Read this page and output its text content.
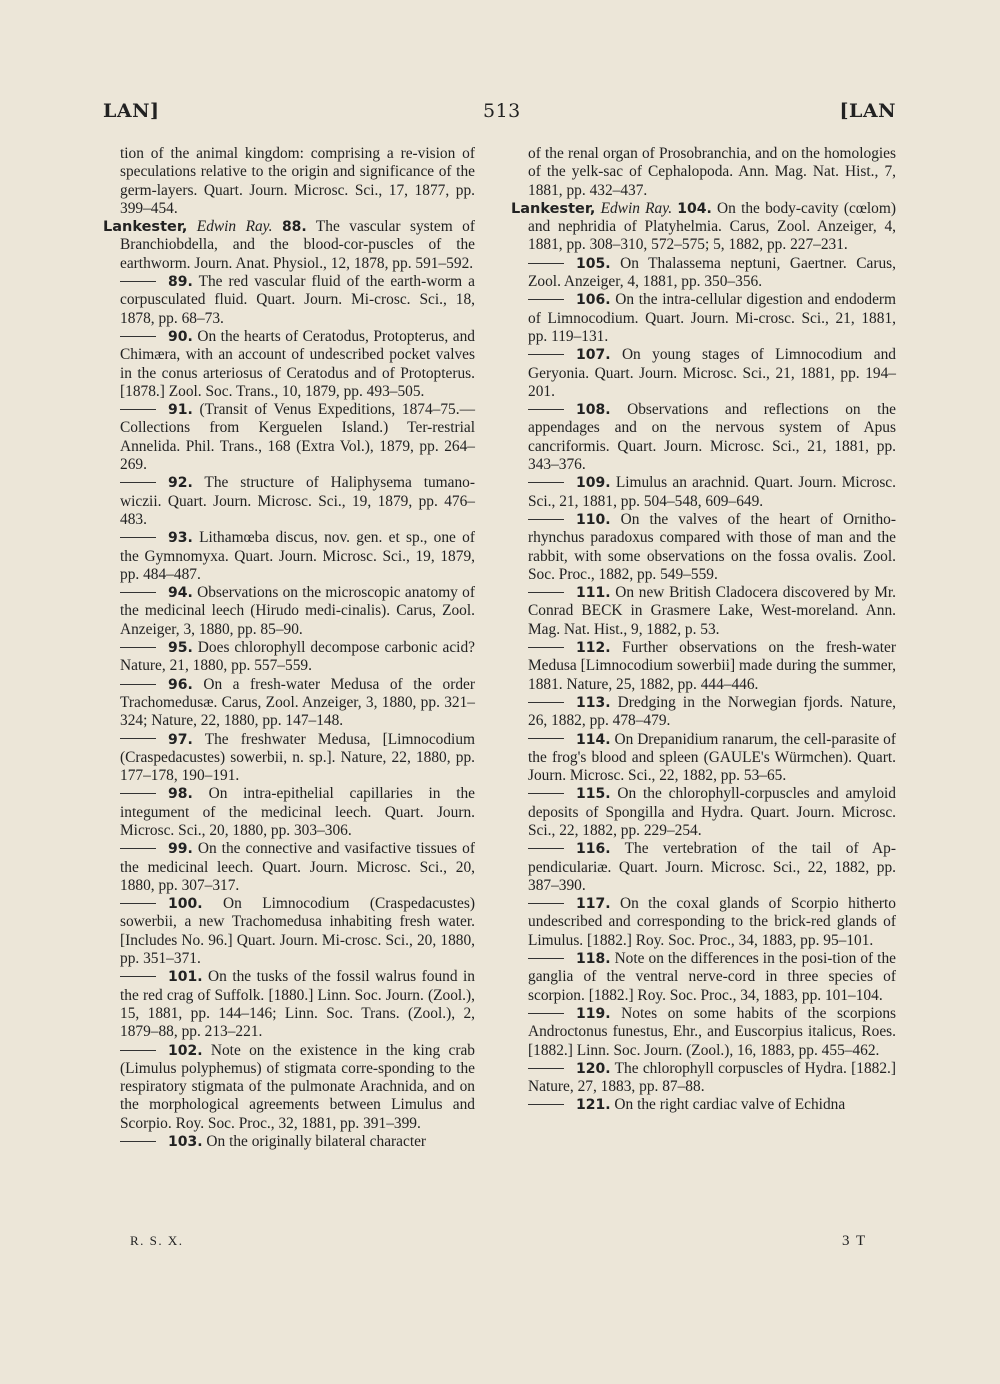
LAN]	513	[LAN

tion of the animal kingdom: comprising a re-vision of speculations relative to the origin and significance of the germ-layers. Quart. Journ. Microsc. Sci., 17, 1877, pp. 399–454.

Lankester, Edwin Ray. 88. The vascular system of Branchiobdella, and the blood-cor-puscles of the earthworm. Journ. Anat. Physiol., 12, 1878, pp. 591–592.

89. The red vascular fluid of the earth-worm a corpusculated fluid. Quart. Journ. Mi-crosc. Sci., 18, 1878, pp. 68–73.

90. On the hearts of Ceratodus, Protopterus, and Chimæra, with an account of undescribed pocket valves in the conus arteriosus of Ceratodus and of Protopterus. [1878.] Zool. Soc. Trans., 10, 1879, pp. 493–505.

91. (Transit of Venus Expeditions, 1874–75.—Collections from Kerguelen Island.) Ter-restrial Annelida. Phil. Trans., 168 (Extra Vol.), 1879, pp. 264–269.

92. The structure of Haliphysema tumano-wiczii. Quart. Journ. Microsc. Sci., 19, 1879, pp. 476–483.

93. Lithamœba discus, nov. gen. et sp., one of the Gymnomyxa. Quart. Journ. Microsc. Sci., 19, 1879, pp. 484–487.

94. Observations on the microscopic anatomy of the medicinal leech (Hirudo medi-cinalis). Carus, Zool. Anzeiger, 3, 1880, pp. 85–90.

95. Does chlorophyll decompose carbonic acid? Nature, 21, 1880, pp. 557–559.

96. On a fresh-water Medusa of the order Trachomedusæ. Carus, Zool. Anzeiger, 3, 1880, pp. 321–324; Nature, 22, 1880, pp. 147–148.

97. The freshwater Medusa, [Limnocodium (Craspedacustes) sowerbii, n. sp.]. Nature, 22, 1880, pp. 177–178, 190–191.

98. On intra-epithelial capillaries in the integument of the medicinal leech. Quart. Journ. Microsc. Sci., 20, 1880, pp. 303–306.

99. On the connective and vasifactive tissues of the medicinal leech. Quart. Journ. Microsc. Sci., 20, 1880, pp. 307–317.

100. On Limnocodium (Craspedacustes) sowerbii, a new Trachomedusa inhabiting fresh water. [Includes No. 96.] Quart. Journ. Mi-crosc. Sci., 20, 1880, pp. 351–371.

101. On the tusks of the fossil walrus found in the red crag of Suffolk. [1880.] Linn. Soc. Journ. (Zool.), 15, 1881, pp. 144–146; Linn. Soc. Trans. (Zool.), 2, 1879–88, pp. 213–221.

102. Note on the existence in the king crab (Limulus polyphemus) of stigmata corre-sponding to the respiratory stigmata of the pulmonate Arachnida, and on the morphological agreements between Limulus and Scorpio. Roy. Soc. Proc., 32, 1881, pp. 391–399.

103. On the originally bilateral character

of the renal organ of Prosobranchia, and on the homologies of the yelk-sac of Cephalopoda. Ann. Mag. Nat. Hist., 7, 1881, pp. 432–437.

Lankester, Edwin Ray. 104. On the body-cavity (cœlom) and nephridia of Platyhelmia. Carus, Zool. Anzeiger, 4, 1881, pp. 308–310, 572–575; 5, 1882, pp. 227–231.

105. On Thalassema neptuni, Gaertner. Carus, Zool. Anzeiger, 4, 1881, pp. 350–356.

106. On the intra-cellular digestion and endoderm of Limnocodium. Quart. Journ. Mi-crosc. Sci., 21, 1881, pp. 119–131.

107. On young stages of Limnocodium and Geryonia. Quart. Journ. Microsc. Sci., 21, 1881, pp. 194–201.

108. Observations and reflections on the appendages and on the nervous system of Apus cancriformis. Quart. Journ. Microsc. Sci., 21, 1881, pp. 343–376.

109. Limulus an arachnid. Quart. Journ. Microsc. Sci., 21, 1881, pp. 504–548, 609–649.

110. On the valves of the heart of Ornitho-rhynchus paradoxus compared with those of man and the rabbit, with some observations on the fossa ovalis. Zool. Soc. Proc., 1882, pp. 549–559.

111. On new British Cladocera discovered by Mr. Conrad BECK in Grasmere Lake, West-moreland. Ann. Mag. Nat. Hist., 9, 1882, p. 53.

112. Further observations on the fresh-water Medusa [Limnocodium sowerbii] made during the summer, 1881. Nature, 25, 1882, pp. 444–446.

113. Dredging in the Norwegian fjords. Nature, 26, 1882, pp. 478–479.

114. On Drepanidium ranarum, the cell-parasite of the frog's blood and spleen (GAULE's Würmchen). Quart. Journ. Microsc. Sci., 22, 1882, pp. 53–65.

115. On the chlorophyll-corpuscles and amyloid deposits of Spongilla and Hydra. Quart. Journ. Microsc. Sci., 22, 1882, pp. 229–254.

116. The vertebration of the tail of Ap-pendiculariæ. Quart. Journ. Microsc. Sci., 22, 1882, pp. 387–390.

117. On the coxal glands of Scorpio hitherto undescribed and corresponding to the brick-red glands of Limulus. [1882.] Roy. Soc. Proc., 34, 1883, pp. 95–101.

118. Note on the differences in the posi-tion of the ganglia of the ventral nerve-cord in three species of scorpion. [1882.] Roy. Soc. Proc., 34, 1883, pp. 101–104.

119. Notes on some habits of the scorpions Androctonus funestus, Ehr., and Euscorpius italicus, Roes. [1882.] Linn. Soc. Journ. (Zool.), 16, 1883, pp. 455–462.

120. The chlorophyll corpuscles of Hydra. [1882.] Nature, 27, 1883, pp. 87–88.

121. On the right cardiac valve of Echidna

R. S. X.	3 T
